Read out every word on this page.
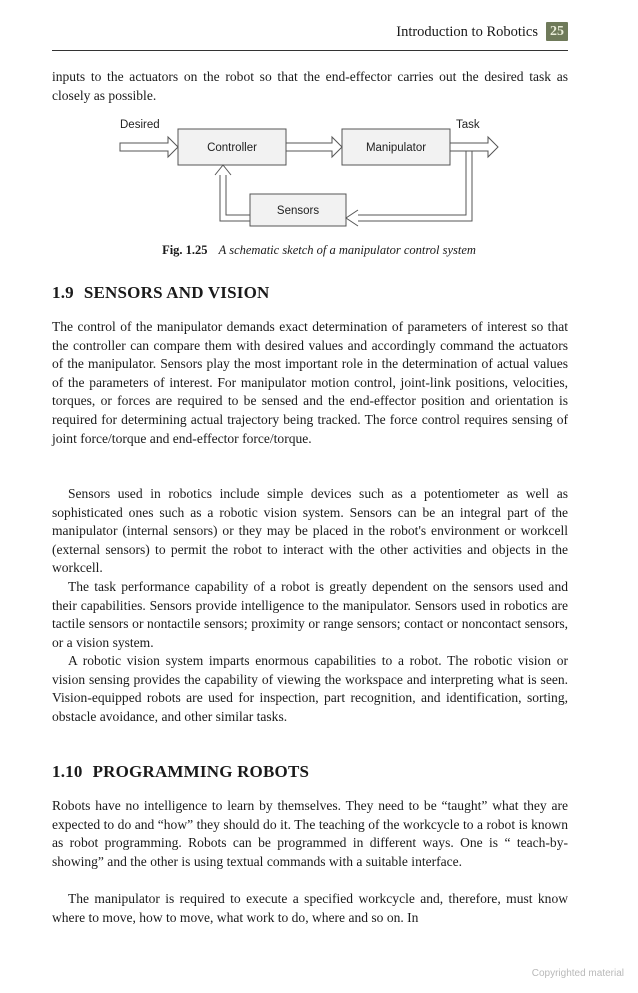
Introduction to Robotics 25

inputs to the actuators on the robot so that the end-effector carries out the desired task as closely as possible.

Controller	Manipulator
Sensors
Desired	Task
Fig. 1.25 A schematic sketch of a manipulator control system
1.9 SENSORS AND VISION

The control of the manipulator demands exact determination of parameters of interest so that the controller can compare them with desired values and accordingly command the actuators of the manipulator. Sensors play the most important role in the determination of actual values of the parameters of interest. For manipulator motion control, joint-link positions, velocities, torques, or forces are required to be sensed and the end-effector position and orientation is required for determining actual trajectory being tracked. The force control requires sensing of joint force/torque and end-effector force/torque.

Sensors used in robotics include simple devices such as a potentiometer as well as sophisticated ones such as a robotic vision system. Sensors can be an integral part of the manipulator (internal sensors) or they may be placed in the robot's environment or workcell (external sensors) to permit the robot to interact with the other activities and objects in the workcell.

The task performance capability of a robot is greatly dependent on the sensors used and their capabilities. Sensors provide intelligence to the manipulator. Sensors used in robotics are tactile sensors or nontactile sensors; proximity or range sensors; contact or noncontact sensors, or a vision system.

A robotic vision system imparts enormous capabilities to a robot. The robotic vision or vision sensing provides the capability of viewing the workspace and interpreting what is seen. Vision-equipped robots are used for inspection, part recognition, and identification, sorting, obstacle avoidance, and other similar tasks.

1.10 PROGRAMMING ROBOTS

Robots have no intelligence to learn by themselves. They need to be “taught” what they are expected to do and “how” they should do it. The teaching of the workcycle to a robot is known as robot programming. Robots can be programmed in different ways. One is “ teach-by-showing” and the other is using textual commands with a suitable interface.

The manipulator is required to execute a specified workcycle and, therefore, must know where to move, how to move, what work to do, where and so on. In

Copyrighted material
